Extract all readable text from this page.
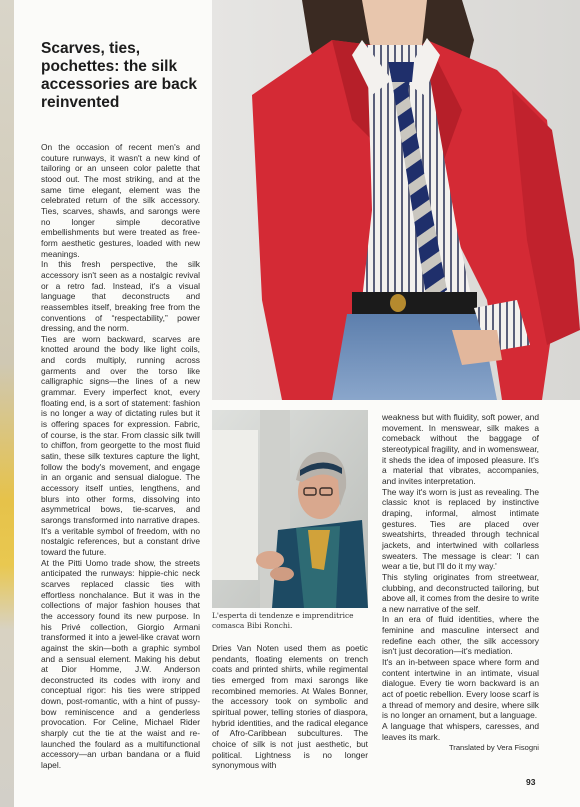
Scarves, ties, pochettes: the silk accessories are back reinvented

On the occasion of recent men's and couture runways, it wasn't a new kind of tailoring or an unseen color palette that stood out. The most striking, and at the same time elegant, element was the celebrated return of the silk accessory. Ties, scarves, shawls, and sarongs were no longer simple decorative embellishments but were treated as free-form aesthetic gestures, loaded with new meanings.

In this fresh perspective, the silk accessory isn't seen as a nostalgic revival or a retro fad. Instead, it's a visual language that deconstructs and reassembles itself, breaking free from the conventions of “respectability,” power dressing, and the norm.

Ties are worn backward, scarves are knotted around the body like light coils, and cords multiply, running across garments and over the torso like calligraphic signs—the lines of a new grammar. Every imperfect knot, every floating end, is a sort of statement: fashion is no longer a way of dictating rules but it is offering spaces for expression. Fabric, of course, is the star. From classic silk twill to chiffon, from georgette to the most fluid satin, these silk textures capture the light, follow the body's movement, and engage in an organic and sensual dialogue. The accessory itself unties, lengthens, and blurs into other forms, dissolving into asymmetrical bows, tie-scarves, and sarongs transformed into narrative drapes. It's a veritable symbol of freedom, with no nostalgic references, but a constant drive toward the future.

At the Pitti Uomo trade show, the streets anticipated the runways: hippie-chic neck scarves replaced classic ties with effortless nonchalance. But it was in the collections of major fashion houses that the accessory found its new purpose. In his Privé collection, Giorgio Armani transformed it into a jewel-like cravat worn against the skin—both a graphic symbol and a sensual element. Making his debut at Dior Homme, J.W. Anderson deconstructed its codes with irony and conceptual rigor: his ties were stripped down, post-romantic, with a hint of pussy-bow reminiscence and a genderless provocation. For Celine, Michael Rider sharply cut the tie at the waist and re-launched the foulard as a multifunctional accessory—an urban bandana or a fluid lapel.

L'esperta di tendenze e imprenditrice comasca Bibi Ronchi.

Dries Van Noten used them as poetic pendants, floating elements on trench coats and printed shirts, while regimental ties emerged from maxi sarongs like recombined memories. At Wales Bonner, the accessory took on symbolic and spiritual power, telling stories of diaspora, hybrid identities, and the radical elegance of Afro-Caribbean subcultures. The choice of silk is not just aesthetic, but political. Lightness is no longer synonymous with

weakness but with fluidity, soft power, and movement. In menswear, silk makes a comeback without the baggage of stereotypical fragility, and in womenswear, it sheds the idea of imposed pleasure. It's a material that vibrates, accompanies, and invites interpretation.

The way it's worn is just as revealing. The classic knot is replaced by instinctive draping, informal, almost intimate gestures. Ties are placed over sweatshirts, threaded through technical jackets, and intertwined with collarless sweaters. The message is clear: 'I can wear a tie, but I'll do it my way.'

This styling originates from streetwear, clubbing, and deconstructed tailoring, but above all, it comes from the desire to write a new narrative of the self.

In an era of fluid identities, where the feminine and masculine intersect and redefine each other, the silk accessory isn't just decoration—it's mediation.

It's an in-between space where form and content intertwine in an intimate, visual dialogue. Every tie worn backward is an act of poetic rebellion. Every loose scarf is a thread of memory and desire, where silk is no longer an ornament, but a language.

A language that whispers, caresses, and leaves its mark.

Translated by Vera Fisogni

93
